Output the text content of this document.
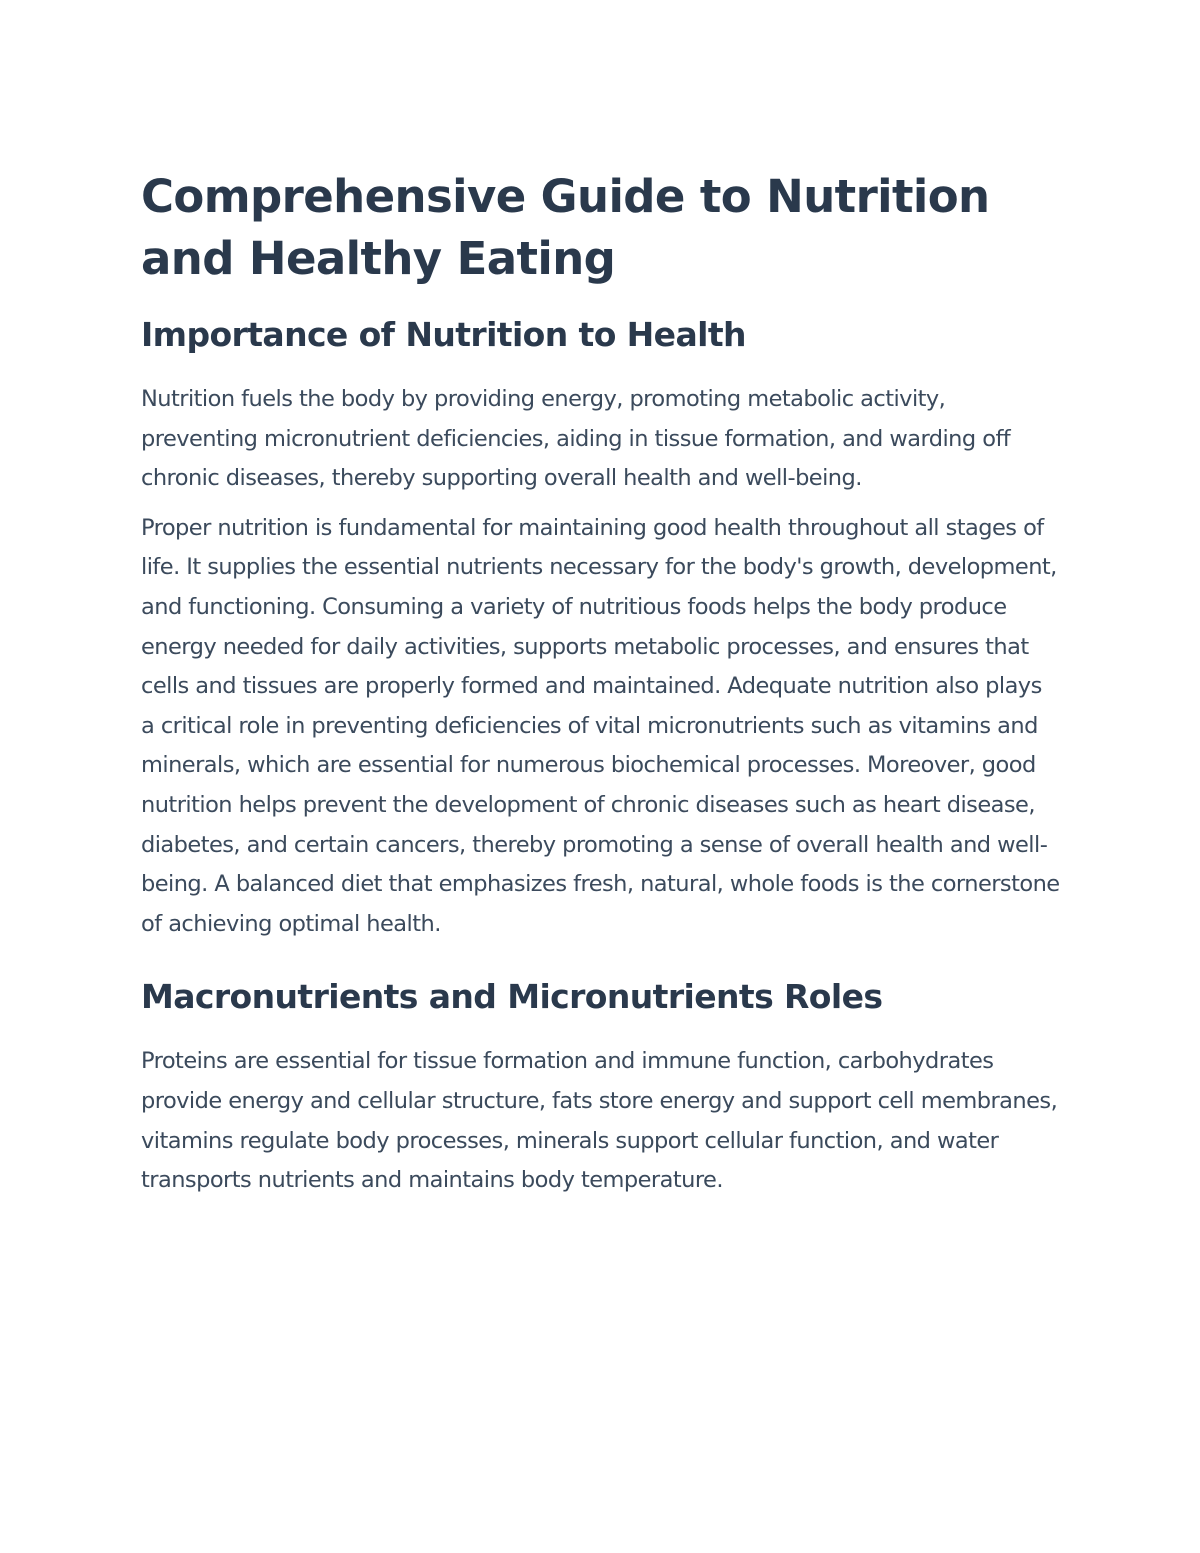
Comprehensive Guide to Nutrition and Healthy Eating
Importance of Nutrition to Health

Nutrition fuels the body by providing energy, promoting metabolic activity, preventing micronutrient deficiencies, aiding in tissue formation, and warding off chronic diseases, thereby supporting overall health and well-being.

Proper nutrition is fundamental for maintaining good health throughout all stages of life. It supplies the essential nutrients necessary for the body's growth, development, and functioning. Consuming a variety of nutritious foods helps the body produce energy needed for daily activities, supports metabolic processes, and ensures that cells and tissues are properly formed and maintained. Adequate nutrition also plays a critical role in preventing deficiencies of vital micronutrients such as vitamins and minerals, which are essential for numerous biochemical processes. Moreover, good nutrition helps prevent the development of chronic diseases such as heart disease, diabetes, and certain cancers, thereby promoting a sense of overall health and well-being. A balanced diet that emphasizes fresh, natural, whole foods is the cornerstone of achieving optimal health.

Macronutrients and Micronutrients Roles

Proteins are essential for tissue formation and immune function, carbohydrates provide energy and cellular structure, fats store energy and support cell membranes, vitamins regulate body processes, minerals support cellular function, and water transports nutrients and maintains body temperature.
